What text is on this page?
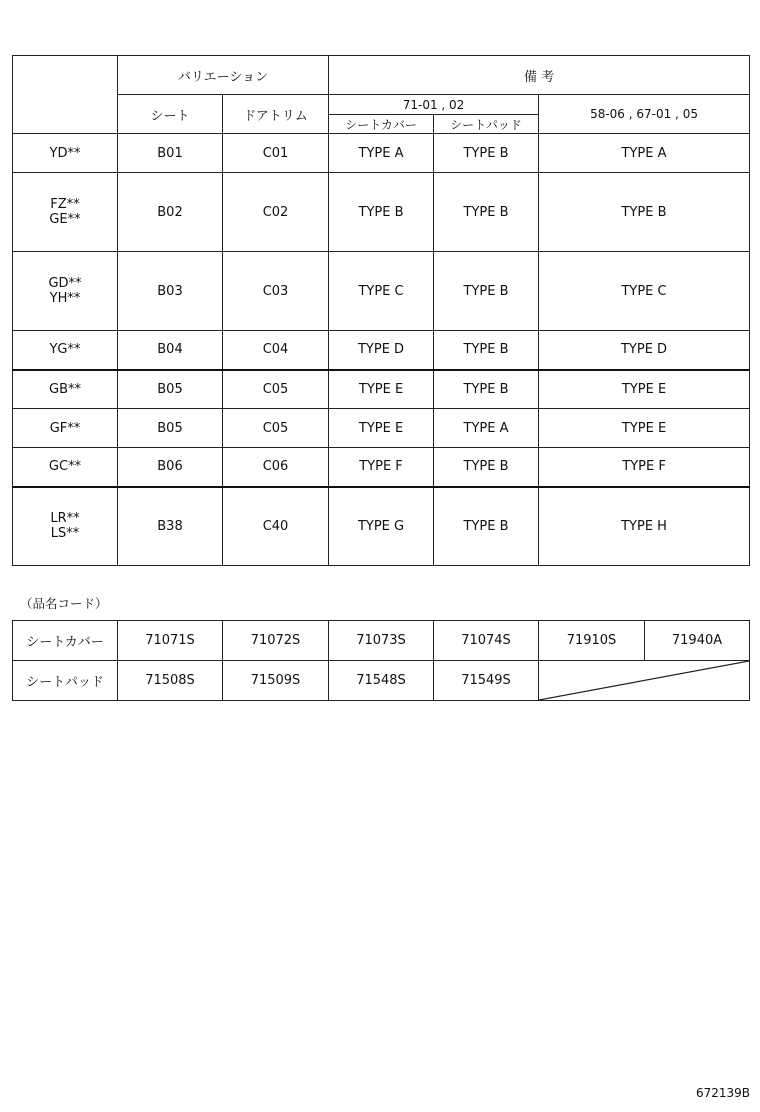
	バリエーション		備 考		
	シート	ドアトリム	71-01 , 02		58-06 , 67-01 , 05
			シートカバー	シートパッド	
YD**	B01	C01	TYPE A	TYPE B	TYPE A

FZ**
GE**	B02	C02	TYPE B	TYPE B	TYPE B

GD**
YH**	B03	C03	TYPE C	TYPE B	TYPE C
YG**	B04	C04	TYPE D	TYPE B	TYPE D
GB**	B05	C05	TYPE E	TYPE B	TYPE E
GF**	B05	C05	TYPE E	TYPE A	TYPE E
GC**	B06	C06	TYPE F	TYPE B	TYPE F

LR**
LS**	B38	C40	TYPE G	TYPE B	TYPE H
（品名コード）
シートカバー	71071S	71072S	71073S	71074S	71910S	71940A
シートパッド	71508S	71509S	71548S	71549S	
672139B
